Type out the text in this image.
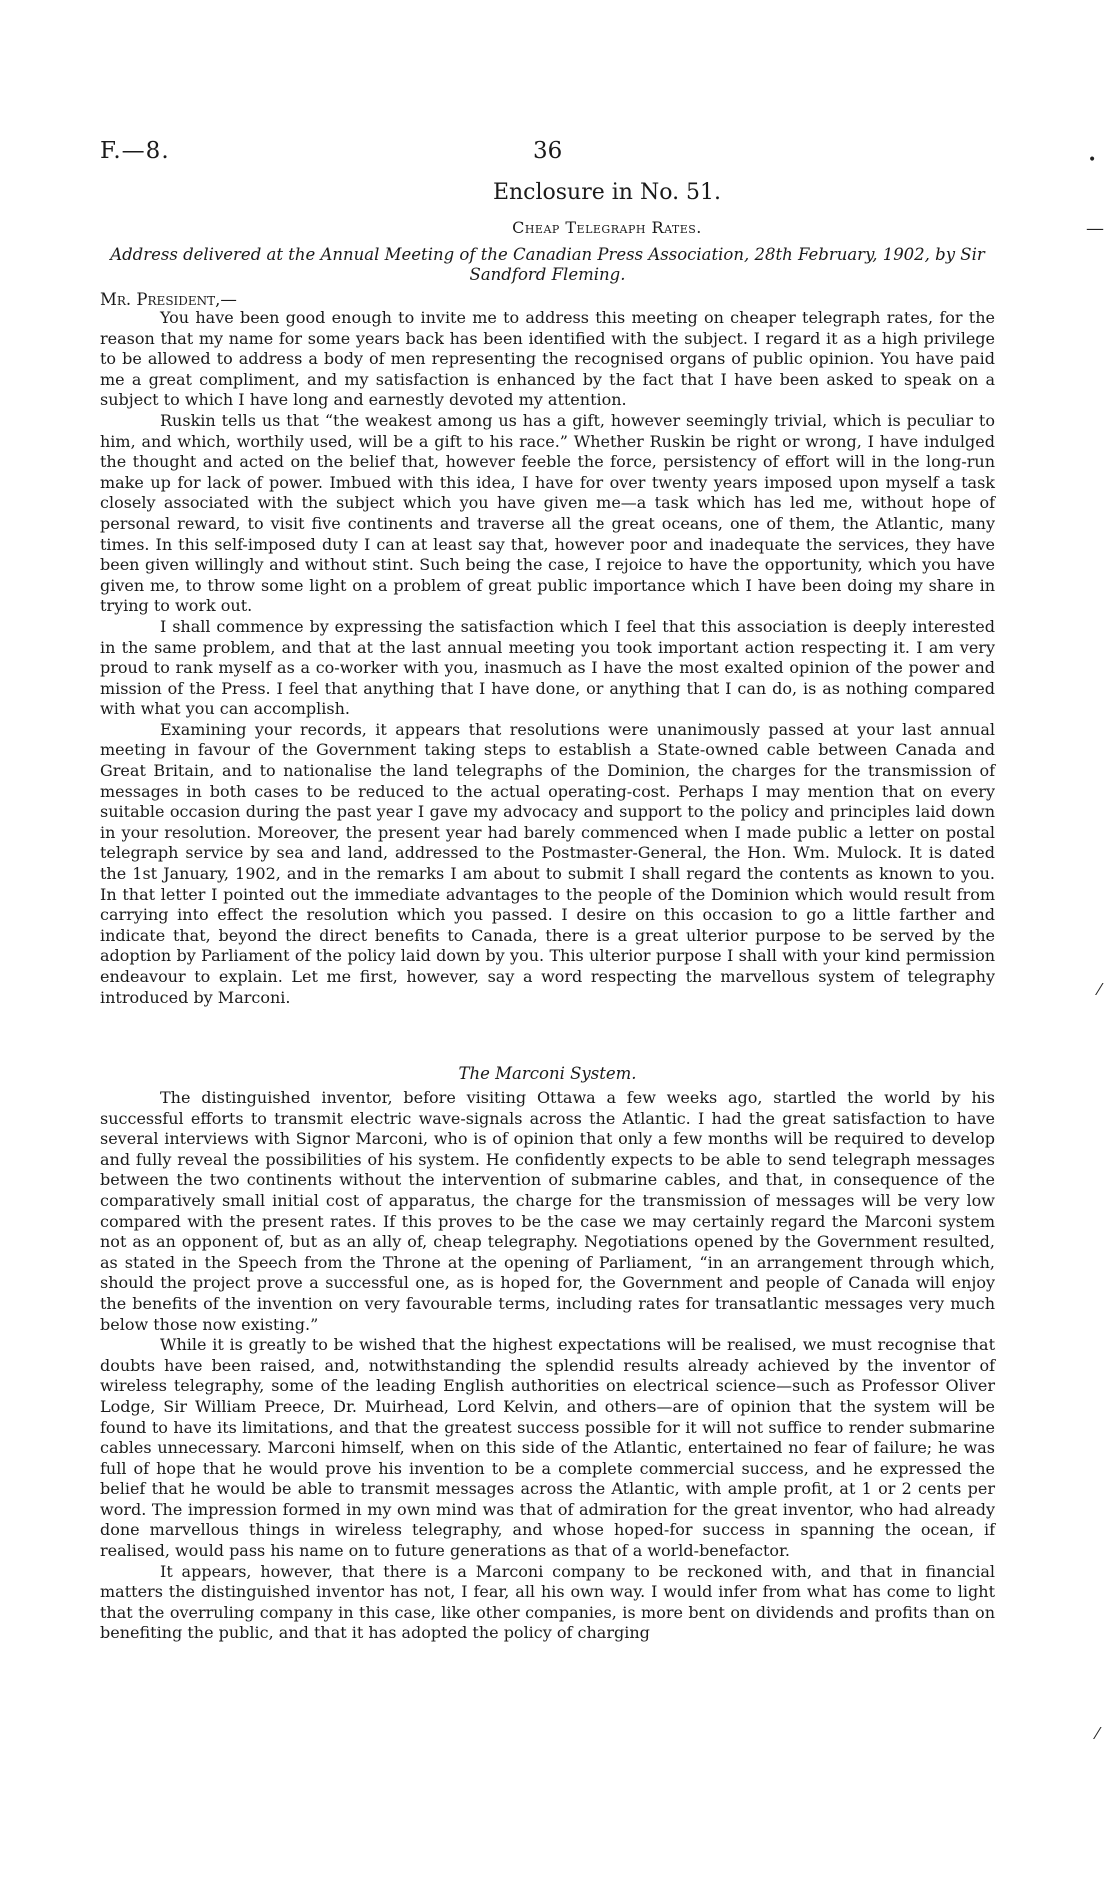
F.—8.	36
Enclosure in No. 51.
Cheap Telegraph Rates.
Address delivered at the Annual Meeting of the Canadian Press Association, 28th February, 1902, by Sir Sandford Fleming.
Mr. President,—

You have been good enough to invite me to address this meeting on cheaper telegraph rates, for the reason that my name for some years back has been identified with the subject. I regard it as a high privilege to be allowed to address a body of men representing the recognised organs of public opinion. You have paid me a great compliment, and my satisfaction is enhanced by the fact that I have been asked to speak on a subject to which I have long and earnestly devoted my attention.

Ruskin tells us that “the weakest among us has a gift, however seemingly trivial, which is peculiar to him, and which, worthily used, will be a gift to his race.” Whether Ruskin be right or wrong, I have indulged the thought and acted on the belief that, however feeble the force, persistency of effort will in the long-run make up for lack of power. Imbued with this idea, I have for over twenty years imposed upon myself a task closely associated with the subject which you have given me—a task which has led me, without hope of personal reward, to visit five continents and traverse all the great oceans, one of them, the Atlantic, many times. In this self-imposed duty I can at least say that, however poor and inadequate the services, they have been given willingly and without stint. Such being the case, I rejoice to have the opportunity, which you have given me, to throw some light on a problem of great public importance which I have been doing my share in trying to work out.

I shall commence by expressing the satisfaction which I feel that this association is deeply interested in the same problem, and that at the last annual meeting you took important action respecting it. I am very proud to rank myself as a co-worker with you, inasmuch as I have the most exalted opinion of the power and mission of the Press. I feel that anything that I have done, or anything that I can do, is as nothing compared with what you can accomplish.

Examining your records, it appears that resolutions were unanimously passed at your last annual meeting in favour of the Government taking steps to establish a State-owned cable between Canada and Great Britain, and to nationalise the land telegraphs of the Dominion, the charges for the transmission of messages in both cases to be reduced to the actual operating-cost. Perhaps I may mention that on every suitable occasion during the past year I gave my advocacy and support to the policy and principles laid down in your resolution. Moreover, the present year had barely commenced when I made public a letter on postal telegraph service by sea and land, addressed to the Postmaster-General, the Hon. Wm. Mulock. It is dated the 1st January, 1902, and in the remarks I am about to submit I shall regard the contents as known to you. In that letter I pointed out the immediate advantages to the people of the Dominion which would result from carrying into effect the resolution which you passed. I desire on this occasion to go a little farther and indicate that, beyond the direct benefits to Canada, there is a great ulterior purpose to be served by the adoption by Parliament of the policy laid down by you. This ulterior purpose I shall with your kind permission endeavour to explain. Let me first, however, say a word respecting the marvellous system of telegraphy introduced by Marconi.

The Marconi System.

The distinguished inventor, before visiting Ottawa a few weeks ago, startled the world by his successful efforts to transmit electric wave-signals across the Atlantic. I had the great satisfaction to have several interviews with Signor Marconi, who is of opinion that only a few months will be required to develop and fully reveal the possibilities of his system. He confidently expects to be able to send telegraph messages between the two continents without the intervention of submarine cables, and that, in consequence of the comparatively small initial cost of apparatus, the charge for the transmission of messages will be very low compared with the present rates. If this proves to be the case we may certainly regard the Marconi system not as an opponent of, but as an ally of, cheap telegraphy. Negotiations opened by the Government resulted, as stated in the Speech from the Throne at the opening of Parliament, “in an arrangement through which, should the project prove a successful one, as is hoped for, the Government and people of Canada will enjoy the benefits of the invention on very favourable terms, including rates for transatlantic messages very much below those now existing.”

While it is greatly to be wished that the highest expectations will be realised, we must recognise that doubts have been raised, and, notwithstanding the splendid results already achieved by the inventor of wireless telegraphy, some of the leading English authorities on electrical science—such as Professor Oliver Lodge, Sir William Preece, Dr. Muirhead, Lord Kelvin, and others—are of opinion that the system will be found to have its limitations, and that the greatest success possible for it will not suffice to render submarine cables unnecessary. Marconi himself, when on this side of the Atlantic, entertained no fear of failure; he was full of hope that he would prove his invention to be a complete commercial success, and he expressed the belief that he would be able to transmit messages across the Atlantic, with ample profit, at 1 or 2 cents per word. The impression formed in my own mind was that of admiration for the great inventor, who had already done marvellous things in wireless telegraphy, and whose hoped-for success in spanning the ocean, if realised, would pass his name on to future generations as that of a world-benefactor.

It appears, however, that there is a Marconi company to be reckoned with, and that in financial matters the distinguished inventor has not, I fear, all his own way. I would infer from what has come to light that the overruling company in this case, like other companies, is more bent on dividends and profits than on benefiting the public, and that it has adopted the policy of charging

•
—
⁄
⁄
